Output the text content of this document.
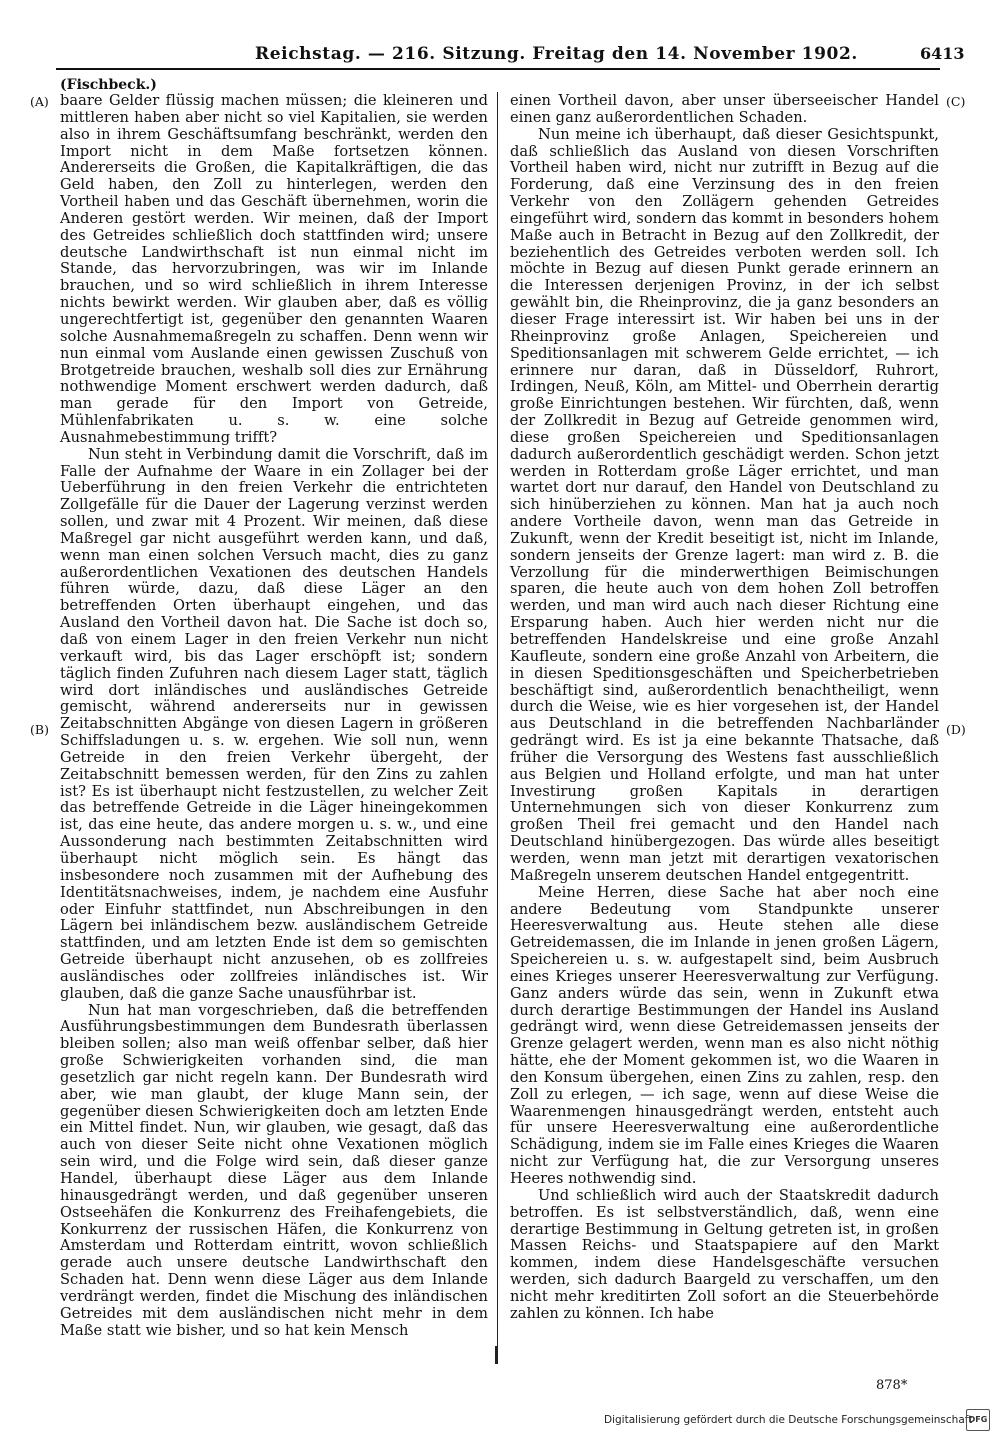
Reichstag. — 216. Sitzung. Freitag den 14. November 1902.	6413
(Fischbeck.)
(A)
(B)
(C)
(D)

baare Gelder flüssig machen müssen; die kleineren und mittleren haben aber nicht so viel Kapitalien, sie werden also in ihrem Geschäftsumfang beschränkt, werden den Import nicht in dem Maße fortsetzen können. Andererseits die Großen, die Kapitalkräftigen, die das Geld haben, den Zoll zu hinterlegen, werden den Vortheil haben und das Geschäft übernehmen, worin die Anderen gestört werden. Wir meinen, daß der Import des Getreides schließlich doch stattfinden wird; unsere deutsche Landwirthschaft ist nun einmal nicht im Stande, das hervorzubringen, was wir im Inlande brauchen, und so wird schließlich in ihrem Interesse nichts bewirkt werden. Wir glauben aber, daß es völlig ungerechtfertigt ist, gegenüber den genannten Waaren solche Ausnahmemaßregeln zu schaffen. Denn wenn wir nun einmal vom Auslande einen gewissen Zuschuß von Brotgetreide brauchen, weshalb soll dies zur Ernährung nothwendige Moment erschwert werden dadurch, daß man gerade für den Import von Getreide, Mühlenfabrikaten u. s. w. eine solche Ausnahmebestimmung trifft?

Nun steht in Verbindung damit die Vorschrift, daß im Falle der Aufnahme der Waare in ein Zollager bei der Ueberführung in den freien Verkehr die entrichteten Zollgefälle für die Dauer der Lagerung verzinst werden sollen, und zwar mit 4 Prozent. Wir meinen, daß diese Maßregel gar nicht ausgeführt werden kann, und daß, wenn man einen solchen Versuch macht, dies zu ganz außerordentlichen Vexationen des deutschen Handels führen würde, dazu, daß diese Läger an den betreffenden Orten überhaupt eingehen, und das Ausland den Vortheil davon hat. Die Sache ist doch so, daß von einem Lager in den freien Verkehr nun nicht verkauft wird, bis das Lager erschöpft ist; sondern täglich finden Zufuhren nach diesem Lager statt, täglich wird dort inländisches und ausländisches Getreide gemischt, während andererseits nur in gewissen Zeitabschnitten Abgänge von diesen Lagern in größeren Schiffsladungen u. s. w. ergehen. Wie soll nun, wenn Getreide in den freien Verkehr übergeht, der Zeitabschnitt bemessen werden, für den Zins zu zahlen ist? Es ist überhaupt nicht festzustellen, zu welcher Zeit das betreffende Getreide in die Läger hineingekommen ist, das eine heute, das andere morgen u. s. w., und eine Aussonderung nach bestimmten Zeitabschnitten wird überhaupt nicht möglich sein. Es hängt das insbesondere noch zusammen mit der Aufhebung des Identitätsnachweises, indem, je nachdem eine Ausfuhr oder Einfuhr stattfindet, nun Abschreibungen in den Lägern bei inländischem bezw. ausländischem Getreide stattfinden, und am letzten Ende ist dem so gemischten Getreide überhaupt nicht anzusehen, ob es zollfreies ausländisches oder zollfreies inländisches ist. Wir glauben, daß die ganze Sache unausführbar ist.

Nun hat man vorgeschrieben, daß die betreffenden Ausführungsbestimmungen dem Bundesrath überlassen bleiben sollen; also man weiß offenbar selber, daß hier große Schwierigkeiten vorhanden sind, die man gesetzlich gar nicht regeln kann. Der Bundesrath wird aber, wie man glaubt, der kluge Mann sein, der gegenüber diesen Schwierigkeiten doch am letzten Ende ein Mittel findet. Nun, wir glauben, wie gesagt, daß das auch von dieser Seite nicht ohne Vexationen möglich sein wird, und die Folge wird sein, daß dieser ganze Handel, überhaupt diese Läger aus dem Inlande hinausgedrängt werden, und daß gegenüber unseren Ostseehäfen die Konkurrenz des Freihafengebiets, die Konkurrenz der russischen Häfen, die Konkurrenz von Amsterdam und Rotterdam eintritt, wovon schließlich gerade auch unsere deutsche Landwirthschaft den Schaden hat. Denn wenn diese Läger aus dem Inlande verdrängt werden, findet die Mischung des inländischen Getreides mit dem ausländischen nicht mehr in dem Maße statt wie bisher, und so hat kein Mensch

einen Vortheil davon, aber unser überseeischer Handel einen ganz außerordentlichen Schaden.

Nun meine ich überhaupt, daß dieser Gesichtspunkt, daß schließlich das Ausland von diesen Vorschriften Vortheil haben wird, nicht nur zutrifft in Bezug auf die Forderung, daß eine Verzinsung des in den freien Verkehr von den Zollägern gehenden Getreides eingeführt wird, sondern das kommt in besonders hohem Maße auch in Betracht in Bezug auf den Zollkredit, der beziehentlich des Getreides verboten werden soll. Ich möchte in Bezug auf diesen Punkt gerade erinnern an die Interessen derjenigen Provinz, in der ich selbst gewählt bin, die Rheinprovinz, die ja ganz besonders an dieser Frage interessirt ist. Wir haben bei uns in der Rheinprovinz große Anlagen, Speichereien und Speditionsanlagen mit schwerem Gelde errichtet, — ich erinnere nur daran, daß in Düsseldorf, Ruhrort, Irdingen, Neuß, Köln, am Mittel- und Oberrhein derartig große Einrichtungen bestehen. Wir fürchten, daß, wenn der Zollkredit in Bezug auf Getreide genommen wird, diese großen Speichereien und Speditionsanlagen dadurch außerordentlich geschädigt werden. Schon jetzt werden in Rotterdam große Läger errichtet, und man wartet dort nur darauf, den Handel von Deutschland zu sich hinüberziehen zu können. Man hat ja auch noch andere Vortheile davon, wenn man das Getreide in Zukunft, wenn der Kredit beseitigt ist, nicht im Inlande, sondern jenseits der Grenze lagert: man wird z. B. die Verzollung für die minderwerthigen Beimischungen sparen, die heute auch von dem hohen Zoll betroffen werden, und man wird auch nach dieser Richtung eine Ersparung haben. Auch hier werden nicht nur die betreffenden Handelskreise und eine große Anzahl Kaufleute, sondern eine große Anzahl von Arbeitern, die in diesen Speditionsgeschäften und Speicherbetrieben beschäftigt sind, außerordentlich benachtheiligt, wenn durch die Weise, wie es hier vorgesehen ist, der Handel aus Deutschland in die betreffenden Nachbarländer gedrängt wird. Es ist ja eine bekannte Thatsache, daß früher die Versorgung des Westens fast ausschließlich aus Belgien und Holland erfolgte, und man hat unter Investirung großen Kapitals in derartigen Unternehmungen sich von dieser Konkurrenz zum großen Theil frei gemacht und den Handel nach Deutschland hinübergezogen. Das würde alles beseitigt werden, wenn man jetzt mit derartigen vexatorischen Maßregeln unserem deutschen Handel entgegentritt.

Meine Herren, diese Sache hat aber noch eine andere Bedeutung vom Standpunkte unserer Heeresverwaltung aus. Heute stehen alle diese Getreidemassen, die im Inlande in jenen großen Lägern, Speichereien u. s. w. aufgestapelt sind, beim Ausbruch eines Krieges unserer Heeresverwaltung zur Verfügung. Ganz anders würde das sein, wenn in Zukunft etwa durch derartige Bestimmungen der Handel ins Ausland gedrängt wird, wenn diese Getreidemassen jenseits der Grenze gelagert werden, wenn man es also nicht nöthig hätte, ehe der Moment gekommen ist, wo die Waaren in den Konsum übergehen, einen Zins zu zahlen, resp. den Zoll zu erlegen, — ich sage, wenn auf diese Weise die Waarenmengen hinausgedrängt werden, entsteht auch für unsere Heeresverwaltung eine außerordentliche Schädigung, indem sie im Falle eines Krieges die Waaren nicht zur Verfügung hat, die zur Versorgung unseres Heeres nothwendig sind.

Und schließlich wird auch der Staatskredit dadurch betroffen. Es ist selbstverständlich, daß, wenn eine derartige Bestimmung in Geltung getreten ist, in großen Massen Reichs- und Staatspapiere auf den Markt kommen, indem diese Handelsgeschäfte versuchen werden, sich dadurch Baargeld zu verschaffen, um den nicht mehr kreditirten Zoll sofort an die Steuerbehörde zahlen zu können. Ich habe

878*
Digitalisierung gefördert durch die Deutsche Forschungsgemeinschaft
DFG
